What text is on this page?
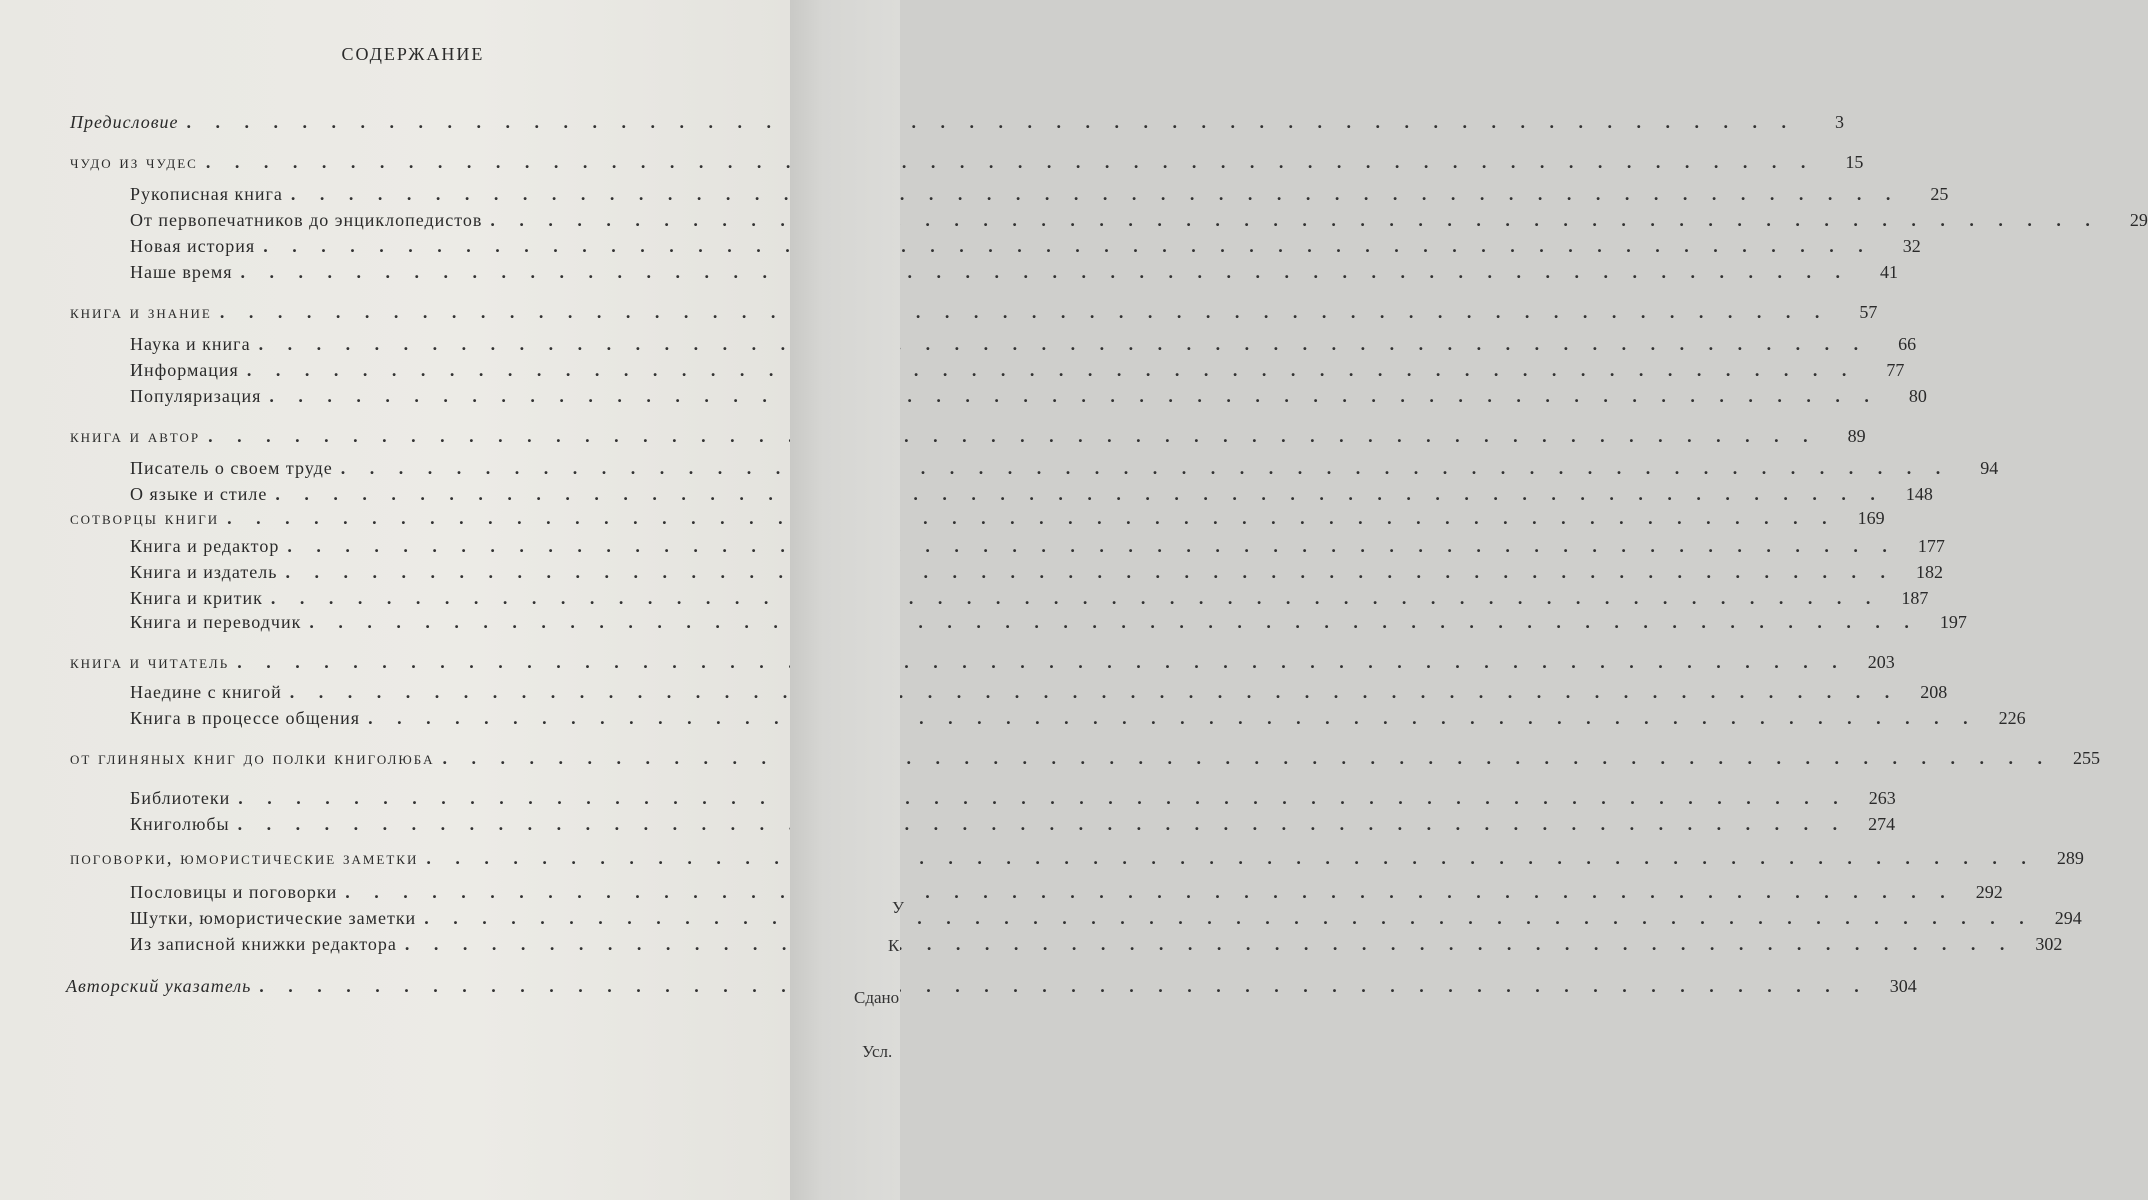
СОДЕРЖАНИЕ
Предисловие . . .	3
чудо из чудес . . .	15
Рукописная книга . . .	25
От первопечатников до энциклопедистов . . .	29
Новая история . . .	32
Наше время . . .	41
книга и знание . . .	57
Наука и книга . . .	66
Информация . . .	77
Популяризация . . .	80
книга и автор . . .	89
Писатель о своем труде . . .	94
О языке и стиле . . .	148
сотворцы книги . . .	169
Книга и редактор . . .	177
Книга и издатель . . .	182
Книга и критик . . .	187
Книга и переводчик . . .	197
книга и читатель . . .	203
Наедине с книгой . . .	208
Книга в процессе общения . . .	226
от глиняных книг до полки книголюба . . .	255
Библиотеки . . .	263
Книголюбы . . .	274
поговорки, юмористические заметки . . .	289
Пословицы и поговорки . . .	292
Шутки, юмористические заметки . . .	294
Из записной книжки редактора . . .	302
Авторский указатель . . .	304
У
К
Сдано
Усл.
